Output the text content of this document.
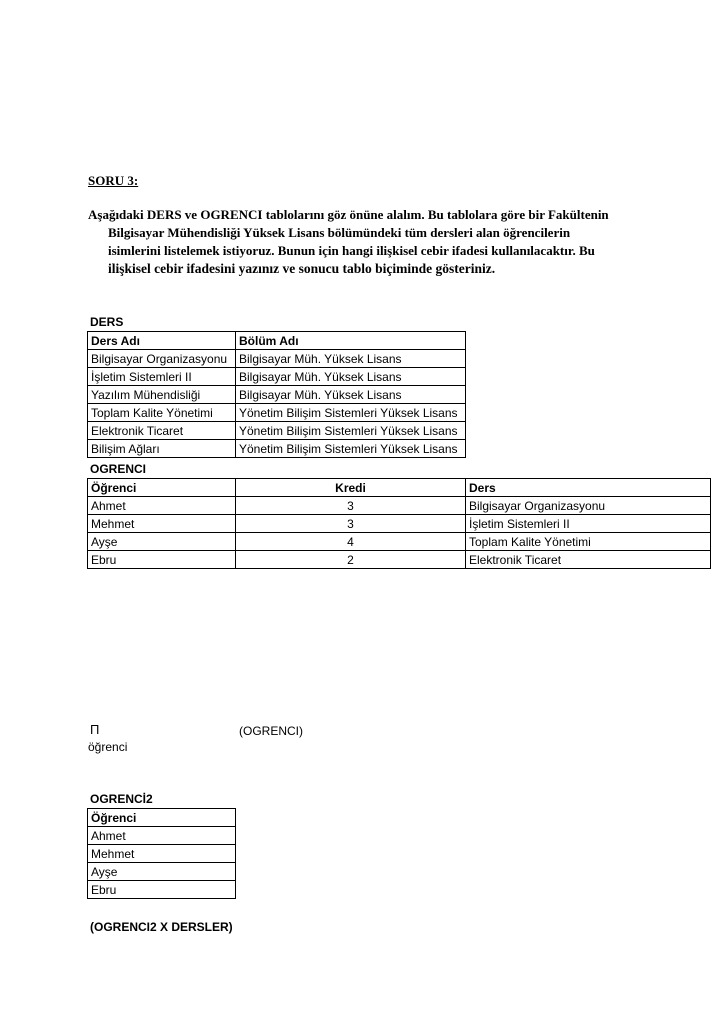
SORU 3:
Aşağıdaki DERS ve OGRENCI tablolarını göz önüne alalım. Bu tablolara göre bir Fakültenin
Bilgisayar Mühendisliği Yüksek Lisans bölümündeki tüm dersleri alan öğrencilerin
isimlerini listelemek istiyoruz. Bunun için hangi ilişkisel cebir ifadesi kullanılacaktır. Bu
ilişkisel cebir ifadesini yazınız ve sonucu tablo biçiminde gösteriniz.
DERS
Ders Adı	Bölüm Adı
Bilgisayar Organizasyonu	Bilgisayar Müh. Yüksek Lisans
İşletim Sistemleri II	Bilgisayar Müh. Yüksek Lisans
Yazılım Mühendisliği	Bilgisayar Müh. Yüksek Lisans
Toplam Kalite Yönetimi	Yönetim Bilişim Sistemleri Yüksek Lisans
Elektronik Ticaret	Yönetim Bilişim Sistemleri Yüksek Lisans
Bilişim Ağları	Yönetim Bilişim Sistemleri Yüksek Lisans
OGRENCI
Öğrenci	Kredi	Ders
Ahmet	3	Bilgisayar Organizasyonu
Mehmet	3	İşletim Sistemleri II
Ayşe	4	Toplam Kalite Yönetimi
Ebru	2	Elektronik Ticaret
Π	(OGRENCI)
öğrenci
OGRENCİ2
Öğrenci
Ahmet
Mehmet
Ayşe
Ebru
(OGRENCI2 X DERSLER)
